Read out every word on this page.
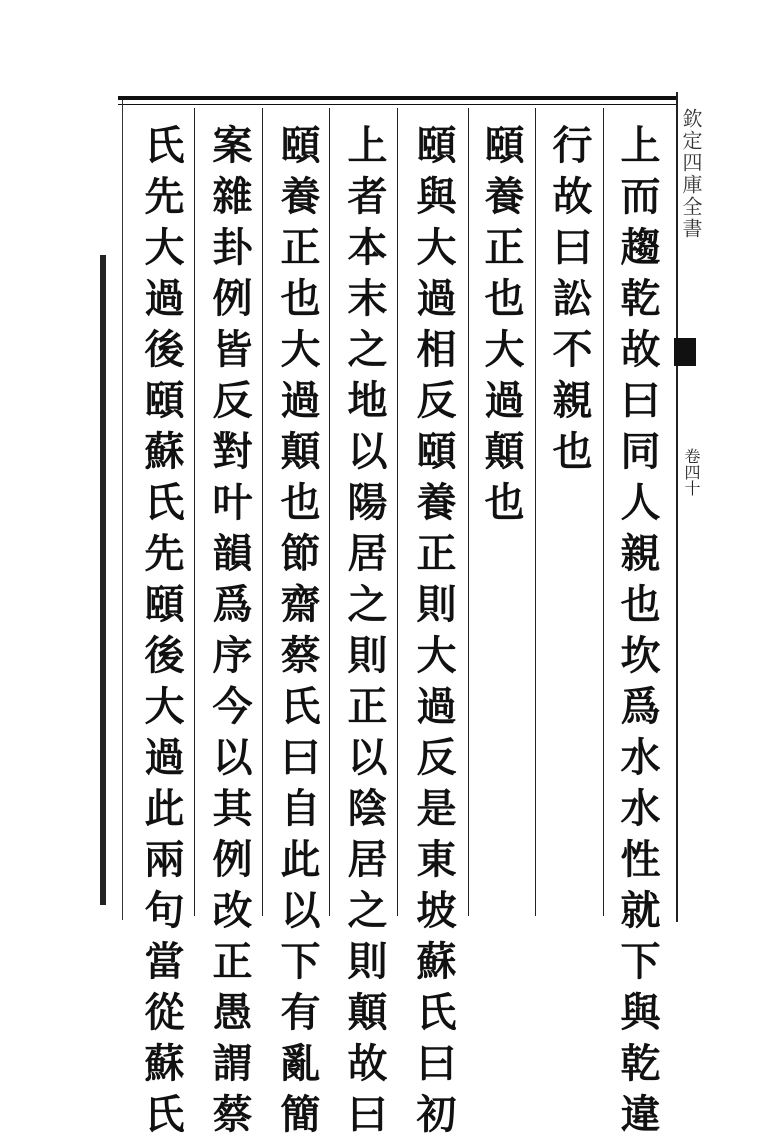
欽定四庫全書
卷四十
上而趨乾故曰同人親也坎爲水水性就下與乾違
行故曰訟不親也
頤養正也大過顛也
頤與大過相反頤養正則大過反是東坡蘇氏曰初
上者本末之地以陽居之則正以陰居之則顛故曰
頤養正也大過顛也節齋蔡氏曰自此以下有亂簡
案雜卦例皆反對叶韻爲序今以其例改正愚謂蔡
氏先大過後頤蘇氏先頤後大過此兩句當從蘇氏
